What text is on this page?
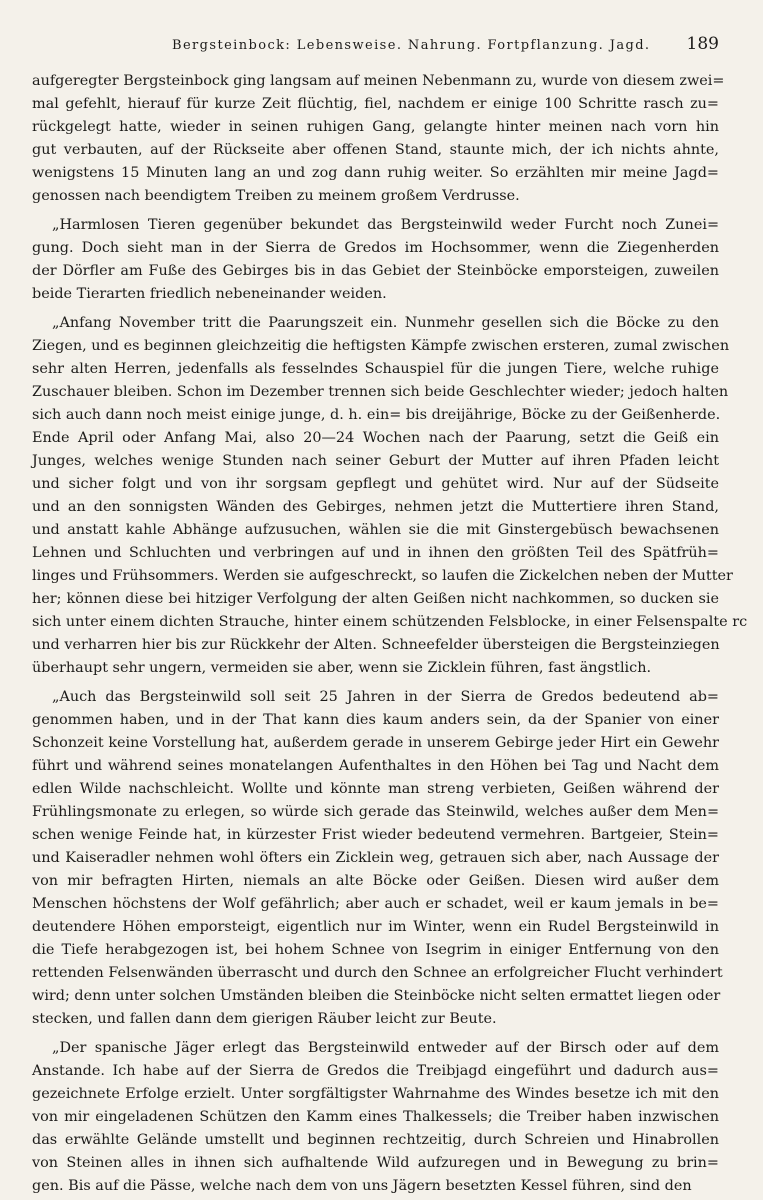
Bergsteinbock: Lebensweise. Nahrung. Fortpflanzung. Jagd. 189
aufgeregter Bergsteinbock ging langsam auf meinen Nebenmann zu, wurde von diesem zwei=
mal gefehlt, hierauf für kurze Zeit flüchtig, fiel, nachdem er einige 100 Schritte rasch zu=
rückgelegt hatte, wieder in seinen ruhigen Gang, gelangte hinter meinen nach vorn hin
gut verbauten, auf der Rückseite aber offenen Stand, staunte mich, der ich nichts ahnte,
wenigstens 15 Minuten lang an und zog dann ruhig weiter. So erzählten mir meine Jagd=
genossen nach beendigtem Treiben zu meinem großem Verdrusse.
„Harmlosen Tieren gegenüber bekundet das Bergsteinwild weder Furcht noch Zunei=
gung. Doch sieht man in der Sierra de Gredos im Hochsommer, wenn die Ziegenherden
der Dörfler am Fuße des Gebirges bis in das Gebiet der Steinböcke emporsteigen, zuweilen
beide Tierarten friedlich nebeneinander weiden.
„Anfang November tritt die Paarungszeit ein. Nunmehr gesellen sich die Böcke zu den
Ziegen, und es beginnen gleichzeitig die heftigsten Kämpfe zwischen ersteren, zumal zwischen
sehr alten Herren, jedenfalls als fesselndes Schauspiel für die jungen Tiere, welche ruhige
Zuschauer bleiben. Schon im Dezember trennen sich beide Geschlechter wieder; jedoch halten
sich auch dann noch meist einige junge, d. h. ein= bis dreijährige, Böcke zu der Geißenherde.
Ende April oder Anfang Mai, also 20—24 Wochen nach der Paarung, setzt die Geiß ein
Junges, welches wenige Stunden nach seiner Geburt der Mutter auf ihren Pfaden leicht
und sicher folgt und von ihr sorgsam gepflegt und gehütet wird. Nur auf der Südseite
und an den sonnigsten Wänden des Gebirges, nehmen jetzt die Muttertiere ihren Stand,
und anstatt kahle Abhänge aufzusuchen, wählen sie die mit Ginstergebüsch bewachsenen
Lehnen und Schluchten und verbringen auf und in ihnen den größten Teil des Spätfrüh=
linges und Frühsommers. Werden sie aufgeschreckt, so laufen die Zickelchen neben der Mutter
her; können diese bei hitziger Verfolgung der alten Geißen nicht nachkommen, so ducken sie
sich unter einem dichten Strauche, hinter einem schützenden Felsblocke, in einer Felsenspalte rc
und verharren hier bis zur Rückkehr der Alten. Schneefelder übersteigen die Bergsteinziegen
überhaupt sehr ungern, vermeiden sie aber, wenn sie Zicklein führen, fast ängstlich.
„Auch das Bergsteinwild soll seit 25 Jahren in der Sierra de Gredos bedeutend ab=
genommen haben, und in der That kann dies kaum anders sein, da der Spanier von einer
Schonzeit keine Vorstellung hat, außerdem gerade in unserem Gebirge jeder Hirt ein Gewehr
führt und während seines monatelangen Aufenthaltes in den Höhen bei Tag und Nacht dem
edlen Wilde nachschleicht. Wollte und könnte man streng verbieten, Geißen während der
Frühlingsmonate zu erlegen, so würde sich gerade das Steinwild, welches außer dem Men=
schen wenige Feinde hat, in kürzester Frist wieder bedeutend vermehren. Bartgeier, Stein=
und Kaiseradler nehmen wohl öfters ein Zicklein weg, getrauen sich aber, nach Aussage der
von mir befragten Hirten, niemals an alte Böcke oder Geißen. Diesen wird außer dem
Menschen höchstens der Wolf gefährlich; aber auch er schadet, weil er kaum jemals in be=
deutendere Höhen emporsteigt, eigentlich nur im Winter, wenn ein Rudel Bergsteinwild in
die Tiefe herabgezogen ist, bei hohem Schnee von Isegrim in einiger Entfernung von den
rettenden Felsenwänden überrascht und durch den Schnee an erfolgreicher Flucht verhindert
wird; denn unter solchen Umständen bleiben die Steinböcke nicht selten ermattet liegen oder
stecken, und fallen dann dem gierigen Räuber leicht zur Beute.
„Der spanische Jäger erlegt das Bergsteinwild entweder auf der Birsch oder auf dem
Anstande. Ich habe auf der Sierra de Gredos die Treibjagd eingeführt und dadurch aus=
gezeichnete Erfolge erzielt. Unter sorgfältigster Wahrnahme des Windes besetze ich mit den
von mir eingeladenen Schützen den Kamm eines Thalkessels; die Treiber haben inzwischen
das erwählte Gelände umstellt und beginnen rechtzeitig, durch Schreien und Hinabrollen
von Steinen alles in ihnen sich aufhaltende Wild aufzuregen und in Bewegung zu brin=
gen. Bis auf die Pässe, welche nach dem von uns Jägern besetzten Kessel führen, sind den
